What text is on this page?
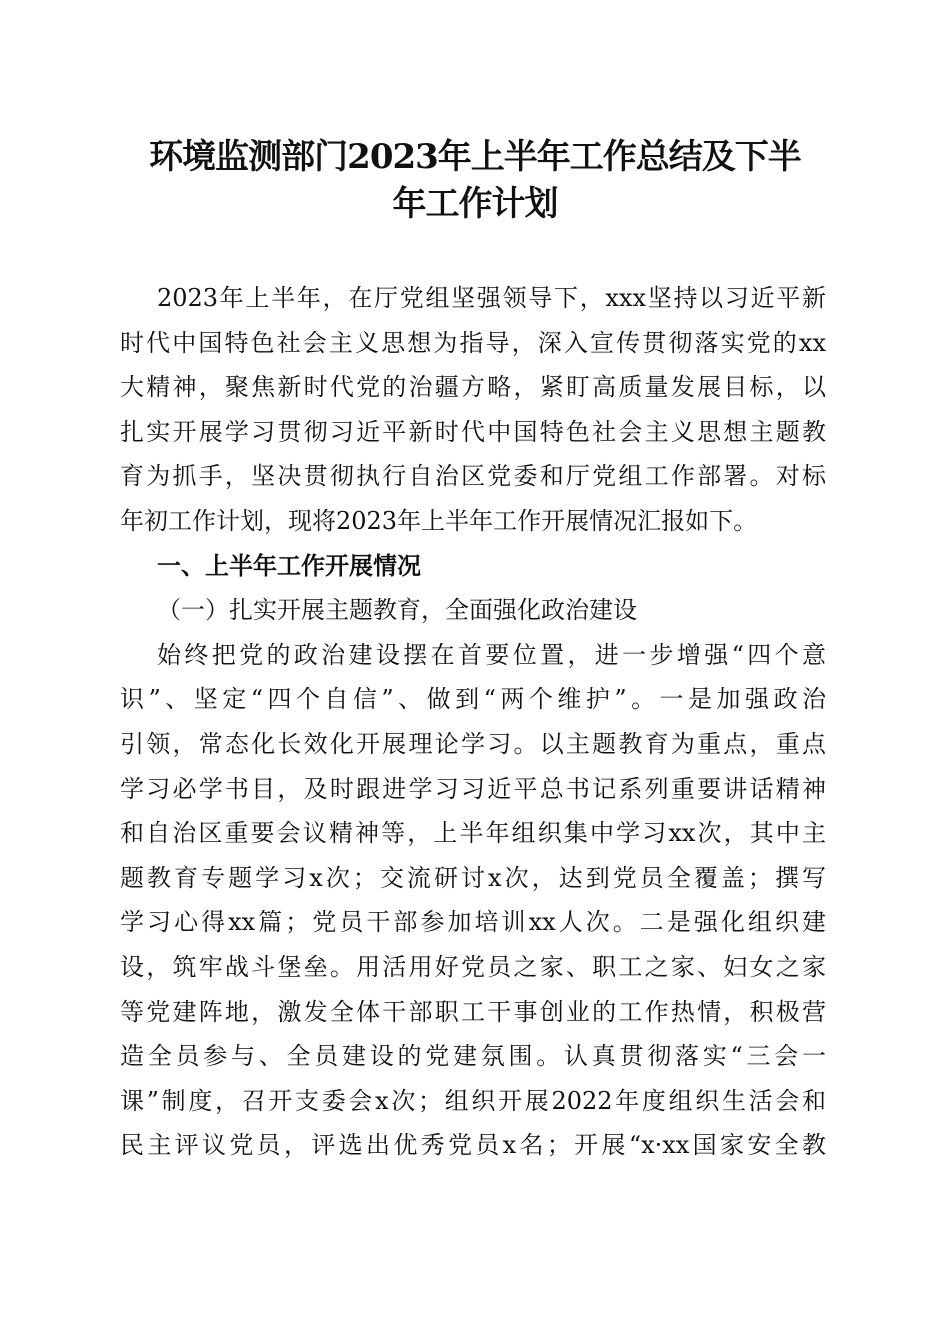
环境监测部门2023年上半年工作总结及下半
年工作计划
2023年上半年，在厅党组坚强领导下，xxx坚持以习近平新
时代中国特色社会主义思想为指导，深入宣传贯彻落实党的xx
大精神，聚焦新时代党的治疆方略，紧盯高质量发展目标，以
扎实开展学习贯彻习近平新时代中国特色社会主义思想主题教
育为抓手，坚决贯彻执行自治区党委和厅党组工作部署。对标
年初工作计划，现将2023年上半年工作开展情况汇报如下。
一、上半年工作开展情况
（一）扎实开展主题教育，全面强化政治建设
始终把党的政治建设摆在首要位置，进一步增强“四个意
识”、坚定“四个自信”、做到“两个维护”。一是加强政治
引领，常态化长效化开展理论学习。以主题教育为重点，重点
学习必学书目，及时跟进学习习近平总书记系列重要讲话精神
和自治区重要会议精神等，上半年组织集中学习xx次，其中主
题教育专题学习x次；交流研讨x次，达到党员全覆盖；撰写
学习心得xx篇；党员干部参加培训xx人次。二是强化组织建
设，筑牢战斗堡垒。用活用好党员之家、职工之家、妇女之家
等党建阵地，激发全体干部职工干事创业的工作热情，积极营
造全员参与、全员建设的党建氛围。认真贯彻落实“三会一
课”制度，召开支委会x次；组织开展2022年度组织生活会和
民主评议党员，评选出优秀党员x名；开展“x·xx国家安全教
